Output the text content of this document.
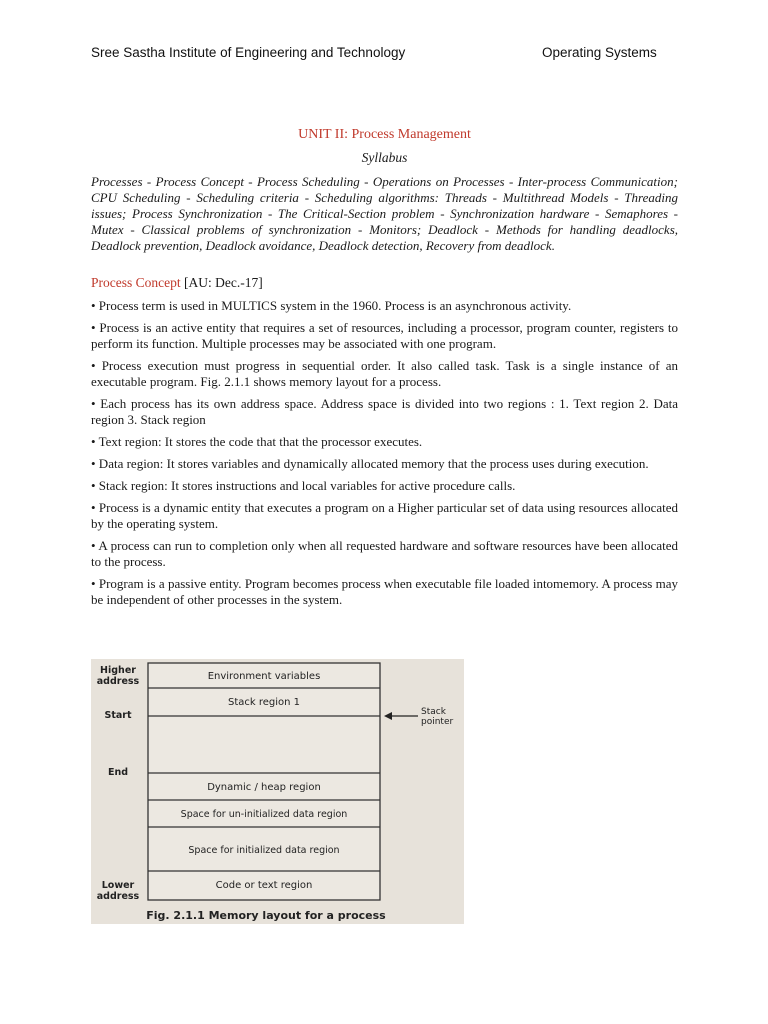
Sree Sastha Institute of Engineering and Technology	Operating Systems
UNIT II: Process Management
Syllabus
Processes - Process Concept - Process Scheduling - Operations on Processes - Inter-process Communication; CPU Scheduling - Scheduling criteria - Scheduling algorithms: Threads - Multithread Models - Threading issues; Process Synchronization - The Critical-Section problem - Synchronization hardware - Semaphores - Mutex - Classical problems of synchronization - Monitors; Deadlock - Methods for handling deadlocks, Deadlock prevention, Deadlock avoidance, Deadlock detection, Recovery from deadlock.
Process Concept [AU: Dec.-17]
• Process term is used in MULTICS system in the 1960. Process is an asynchronous activity.
• Process is an active entity that requires a set of resources, including a processor, program counter, registers to perform its function. Multiple processes may be associated with one program.
• Process execution must progress in sequential order. It also called task. Task is a single instance of an executable program. Fig. 2.1.1 shows memory layout for a process.
• Each process has its own address space. Address space is divided into two regions : 1. Text region 2. Data region 3. Stack region
• Text region: It stores the code that that the processor executes.
• Data region: It stores variables and dynamically allocated memory that the process uses during execution.
• Stack region: It stores instructions and local variables for active procedure calls.
• Process is a dynamic entity that executes a program on a Higher particular set of data using resources allocated by the operating system.
• A process can run to completion only when all requested hardware and software resources have been allocated to the process.
• Program is a passive entity. Program becomes process when executable file loaded intomemory. A process may be independent of other processes in the system.
Environment variables
Stack region 1
Dynamic / heap region
Space for un-initialized data region
Space for initialized data region
Code or text region
Higher
address
Start
End
Lower
address
Stack
pointer
Fig. 2.1.1 Memory layout for a process
